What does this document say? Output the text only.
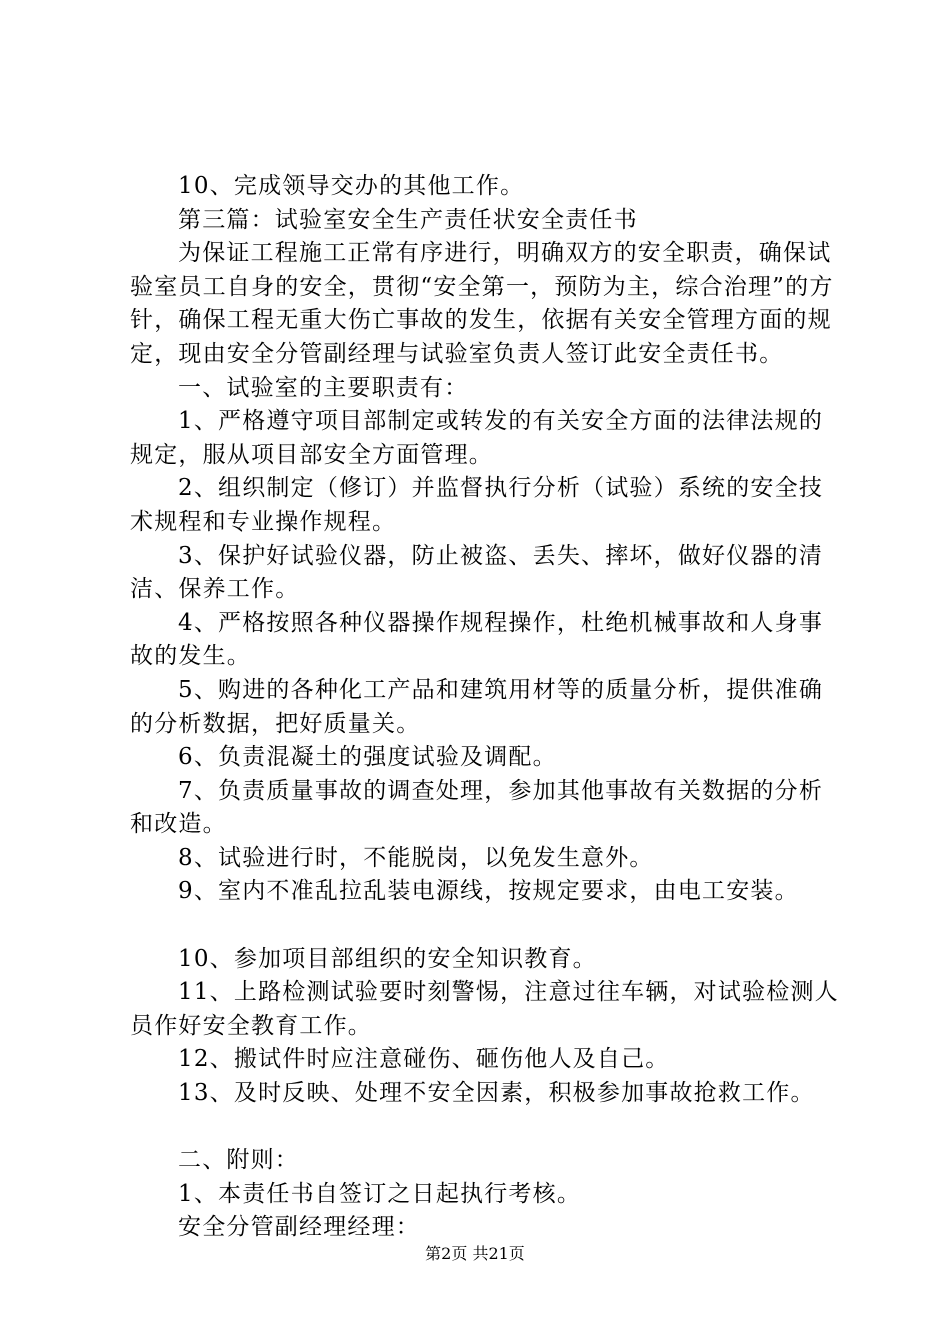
10、完成领导交办的其他工作。

第三篇：试验室安全生产责任状安全责任书

为保证工程施工正常有序进行，明确双方的安全职责，确保试验室员工自身的安全，贯彻“安全第一，预防为主，综合治理”的方针，确保工程无重大伤亡事故的发生，依据有关安全管理方面的规定，现由安全分管副经理与试验室负责人签订此安全责任书。

一、试验室的主要职责有：

1、严格遵守项目部制定或转发的有关安全方面的法律法规的规定，服从项目部安全方面管理。

2、组织制定（修订）并监督执行分析（试验）系统的安全技术规程和专业操作规程。

3、保护好试验仪器，防止被盗、丢失、摔坏，做好仪器的清洁、保养工作。

4、严格按照各种仪器操作规程操作，杜绝机械事故和人身事故的发生。

5、购进的各种化工产品和建筑用材等的质量分析，提供准确的分析数据，把好质量关。

6、负责混凝土的强度试验及调配。

7、负责质量事故的调查处理，参加其他事故有关数据的分析和改造。

8、试验进行时，不能脱岗，以免发生意外。

9、室内不准乱拉乱装电源线，按规定要求，由电工安装。

10、参加项目部组织的安全知识教育。

11、上路检测试验要时刻警惕，注意过往车辆，对试验检测人员作好安全教育工作。

12、搬试件时应注意碰伤、砸伤他人及自己。

13、及时反映、处理不安全因素，积极参加事故抢救工作。

二、附则：

1、本责任书自签订之日起执行考核。

安全分管副经理经理：

第2页 共21页
